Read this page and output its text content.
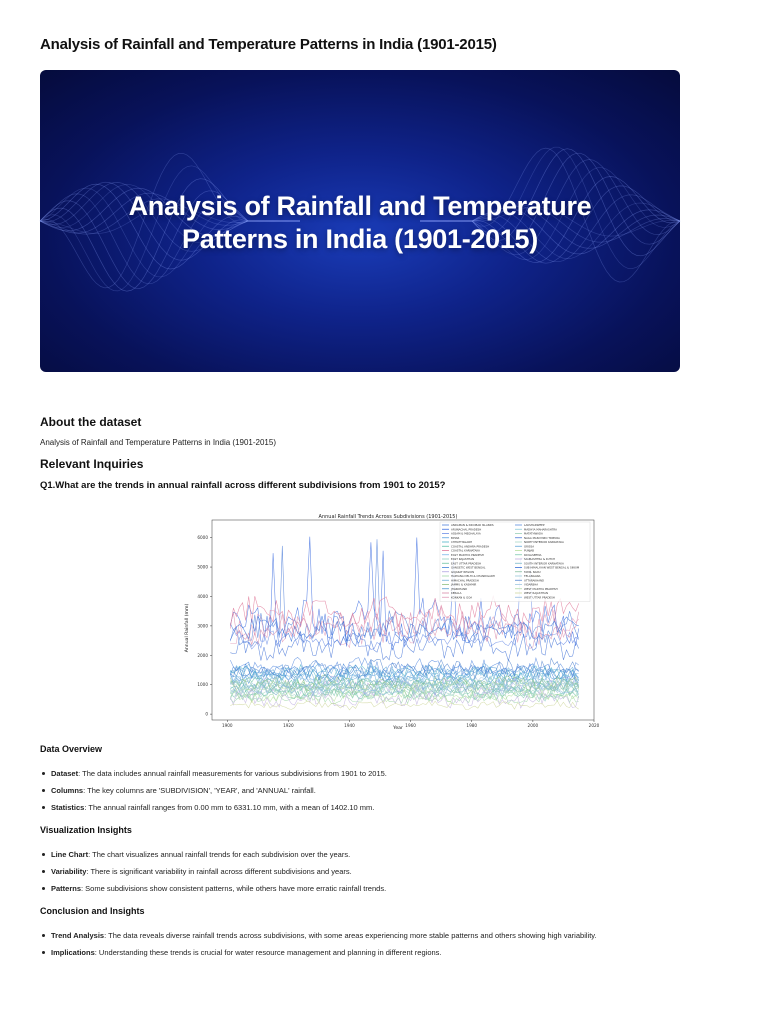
Analysis of Rainfall and Temperature Patterns in India (1901-2015)
Analysis of Rainfall and Temperature
Patterns in India (1901-2015)
About the dataset
Analysis of Rainfall and Temperature Patterns in India (1901-2015)
Relevant Inquiries
Q1.What are the trends in annual rainfall across different subdivisions from 1901 to 2015?
Annual Rainfall Trends Across Subdivisions (1901-2015)
Year
Annual Rainfall (mm)
1900	1920	1940	1960	1980	2000	2020
0
1000
2000
3000
4000
5000
6000
ANDAMAN & NICOBAR ISLANDS
ARUNACHAL PRADESH
ASSAM & MEGHALAYA
BIHAR
CHHATTISGARH
COASTAL ANDHRA PRADESH
COASTAL KARNATAKA
EAST MADHYA PRADESH
EAST RAJASTHAN
EAST UTTAR PRADESH
GANGETIC WEST BENGAL
GUJARAT REGION
HARYANA DELHI & CHANDIGARH
HIMACHAL PRADESH
JAMMU & KASHMIR
JHARKHAND
KERALA
KONKAN & GOA
LAKSHADWEEP
MADHYA MAHARASHTRA
MATATHWADA
NAGA MANI MIZO TRIPURA
NORTH INTERIOR KARNATAKA
ORISSA
PUNJAB
RAYALSEEMA
SAURASHTRA & KUTCH
SOUTH INTERIOR KARNATAKA
SUB HIMALAYAN WEST BENGAL & SIKKIM
TAMIL NADU
TELANGANA
UTTARAKHAND
VIDARBHA
WEST MADHYA PRADESH
WEST RAJASTHAN
WEST UTTAR PRADESH
Data Overview
Dataset: The data includes annual rainfall measurements for various subdivisions from 1901 to 2015.
Columns: The key columns are 'SUBDIVISION', 'YEAR', and 'ANNUAL' rainfall.
Statistics: The annual rainfall ranges from 0.00 mm to 6331.10 mm, with a mean of 1402.10 mm.
Visualization Insights
Line Chart: The chart visualizes annual rainfall trends for each subdivision over the years.
Variability: There is significant variability in rainfall across different subdivisions and years.
Patterns: Some subdivisions show consistent patterns, while others have more erratic rainfall trends.
Conclusion and Insights
Trend Analysis: The data reveals diverse rainfall trends across subdivisions, with some areas experiencing more stable patterns and others showing high variability.
Implications: Understanding these trends is crucial for water resource management and planning in different regions.
